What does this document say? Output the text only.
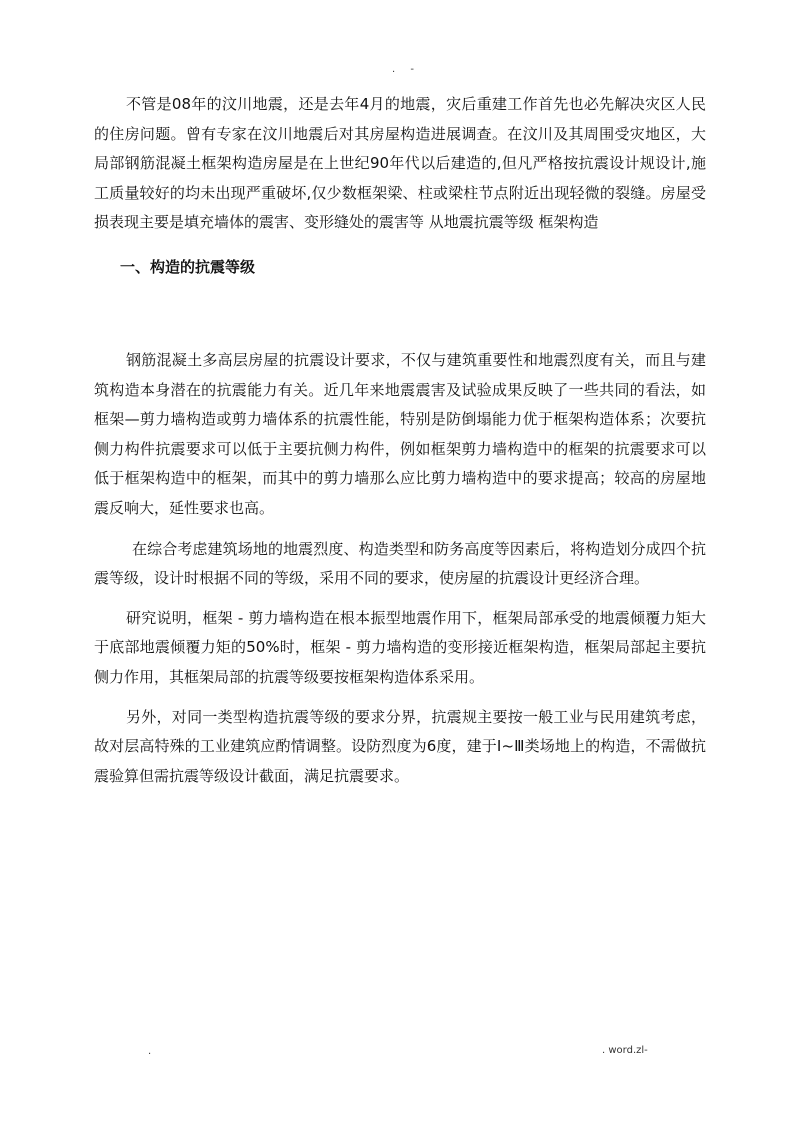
. -

不管是08年的汶川地震，还是去年4月的地震，灾后重建工作首先也必先解决灾区人民的住房问题。曾有专家在汶川地震后对其房屋构造进展调查。在汶川及其周围受灾地区，大局部钢筋混凝土框架构造房屋是在上世纪90年代以后建造的,但凡严格按抗震设计规设计,施工质量较好的均未出现严重破坏,仅少数框架梁、柱或梁柱节点附近出现轻微的裂缝。房屋受损表现主要是填充墙体的震害、变形缝处的震害等 从地震抗震等级 框架构造

一、构造的抗震等级

钢筋混凝土多高层房屋的抗震设计要求，不仅与建筑重要性和地震烈度有关，而且与建筑构造本身潜在的抗震能力有关。近几年来地震震害及试验成果反映了一些共同的看法，如框架—剪力墙构造或剪力墙体系的抗震性能，特别是防倒塌能力优于框架构造体系；次要抗侧力构件抗震要求可以低于主要抗侧力构件，例如框架剪力墙构造中的框架的抗震要求可以低于框架构造中的框架，而其中的剪力墙那么应比剪力墙构造中的要求提高；较高的房屋地震反响大，延性要求也高。

在综合考虑建筑场地的地震烈度、构造类型和防务高度等因素后，将构造划分成四个抗震等级，设计时根据不同的等级，采用不同的要求，使房屋的抗震设计更经济合理。

研究说明，框架 - 剪力墙构造在根本振型地震作用下，框架局部承受的地震倾覆力矩大于底部地震倾覆力矩的50%时，框架 - 剪力墙构造的变形接近框架构造，框架局部起主要抗侧力作用，其框架局部的抗震等级要按框架构造体系采用。

另外，对同一类型构造抗震等级的要求分界，抗震规主要按一般工业与民用建筑考虑，故对层高特殊的工业建筑应酌情调整。设防烈度为6度，建于Ⅰ~Ⅲ类场地上的构造，不需做抗震验算但需抗震等级设计截面，满足抗震要求。

.	. word.zl-
